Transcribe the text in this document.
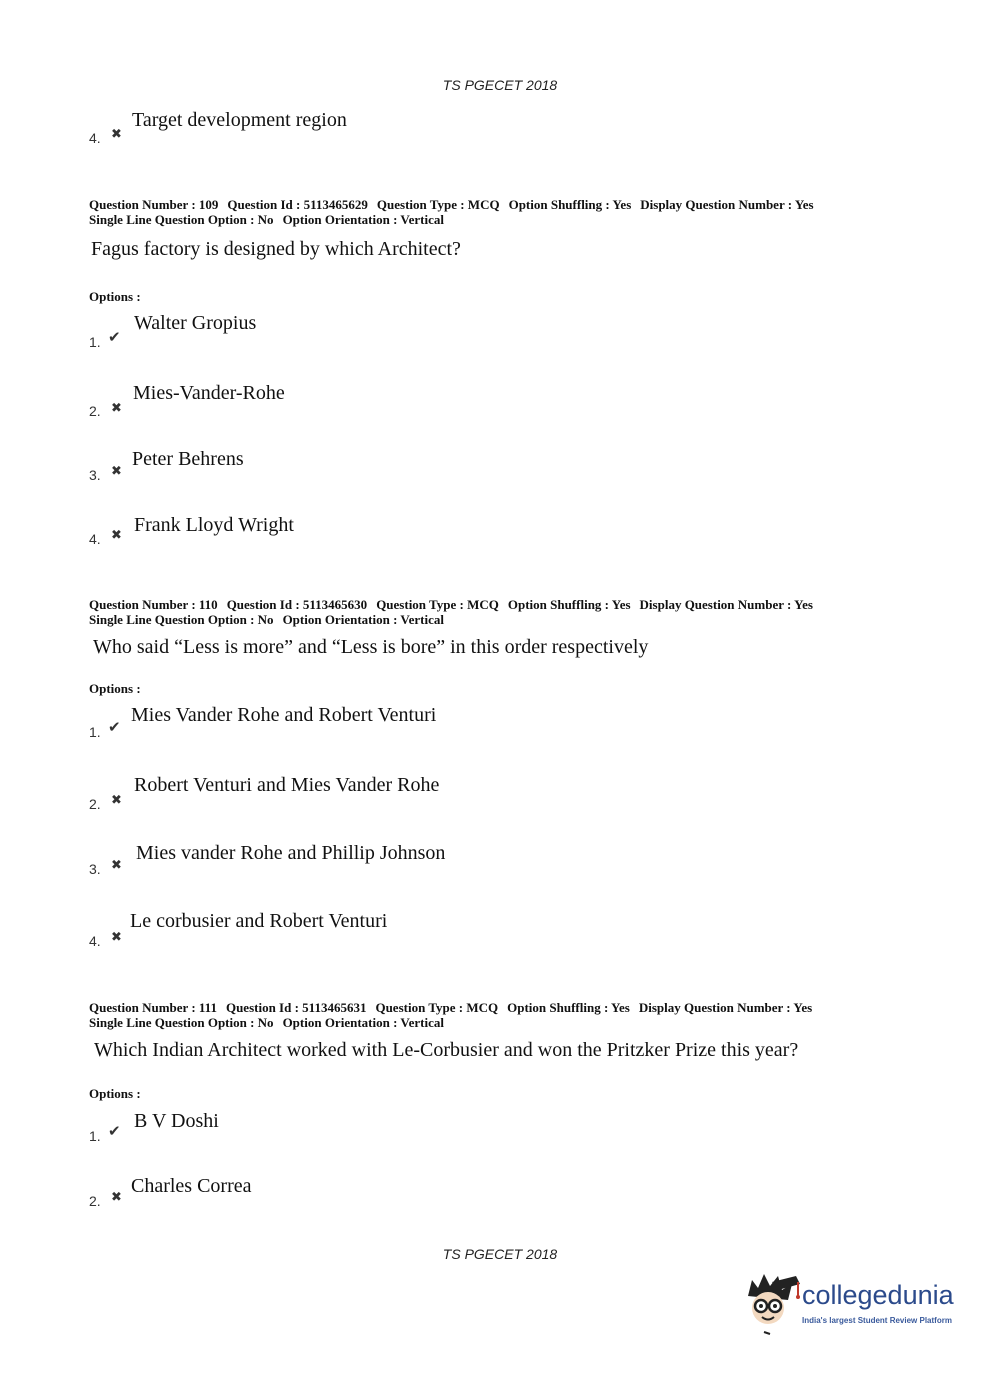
TS PGECET 2018
4. ✖
Target development region
Question Number : 109 Question Id : 5113465629 Question Type : MCQ Option Shuffling : Yes Display Question Number : Yes
Single Line Question Option : No Option Orientation : Vertical
Fagus factory is designed by which Architect?
Options :
1. ✔
Walter Gropius
2. ✖
Mies-Vander-Rohe
3. ✖
Peter Behrens
4. ✖ Frank Lloyd Wright
Question Number : 110 Question Id : 5113465630 Question Type : MCQ Option Shuffling : Yes Display Question Number : Yes
Single Line Question Option : No Option Orientation : Vertical
Who said “Less is more” and “Less is bore” in this order respectively
Options :
1. ✔
Mies Vander Rohe and Robert Venturi
2. ✖
Robert Venturi and Mies Vander Rohe
3. ✖
Mies vander Rohe and Phillip Johnson
4. ✖
Le corbusier and Robert Venturi
Question Number : 111 Question Id : 5113465631 Question Type : MCQ Option Shuffling : Yes Display Question Number : Yes
Single Line Question Option : No Option Orientation : Vertical
Which Indian Architect worked with Le-Corbusier and won the Pritzker Prize this year?
Options :
1. ✔ B V Doshi
2. ✖ Charles Correa
TS PGECET 2018
collegedunia
India's largest Student Review Platform
